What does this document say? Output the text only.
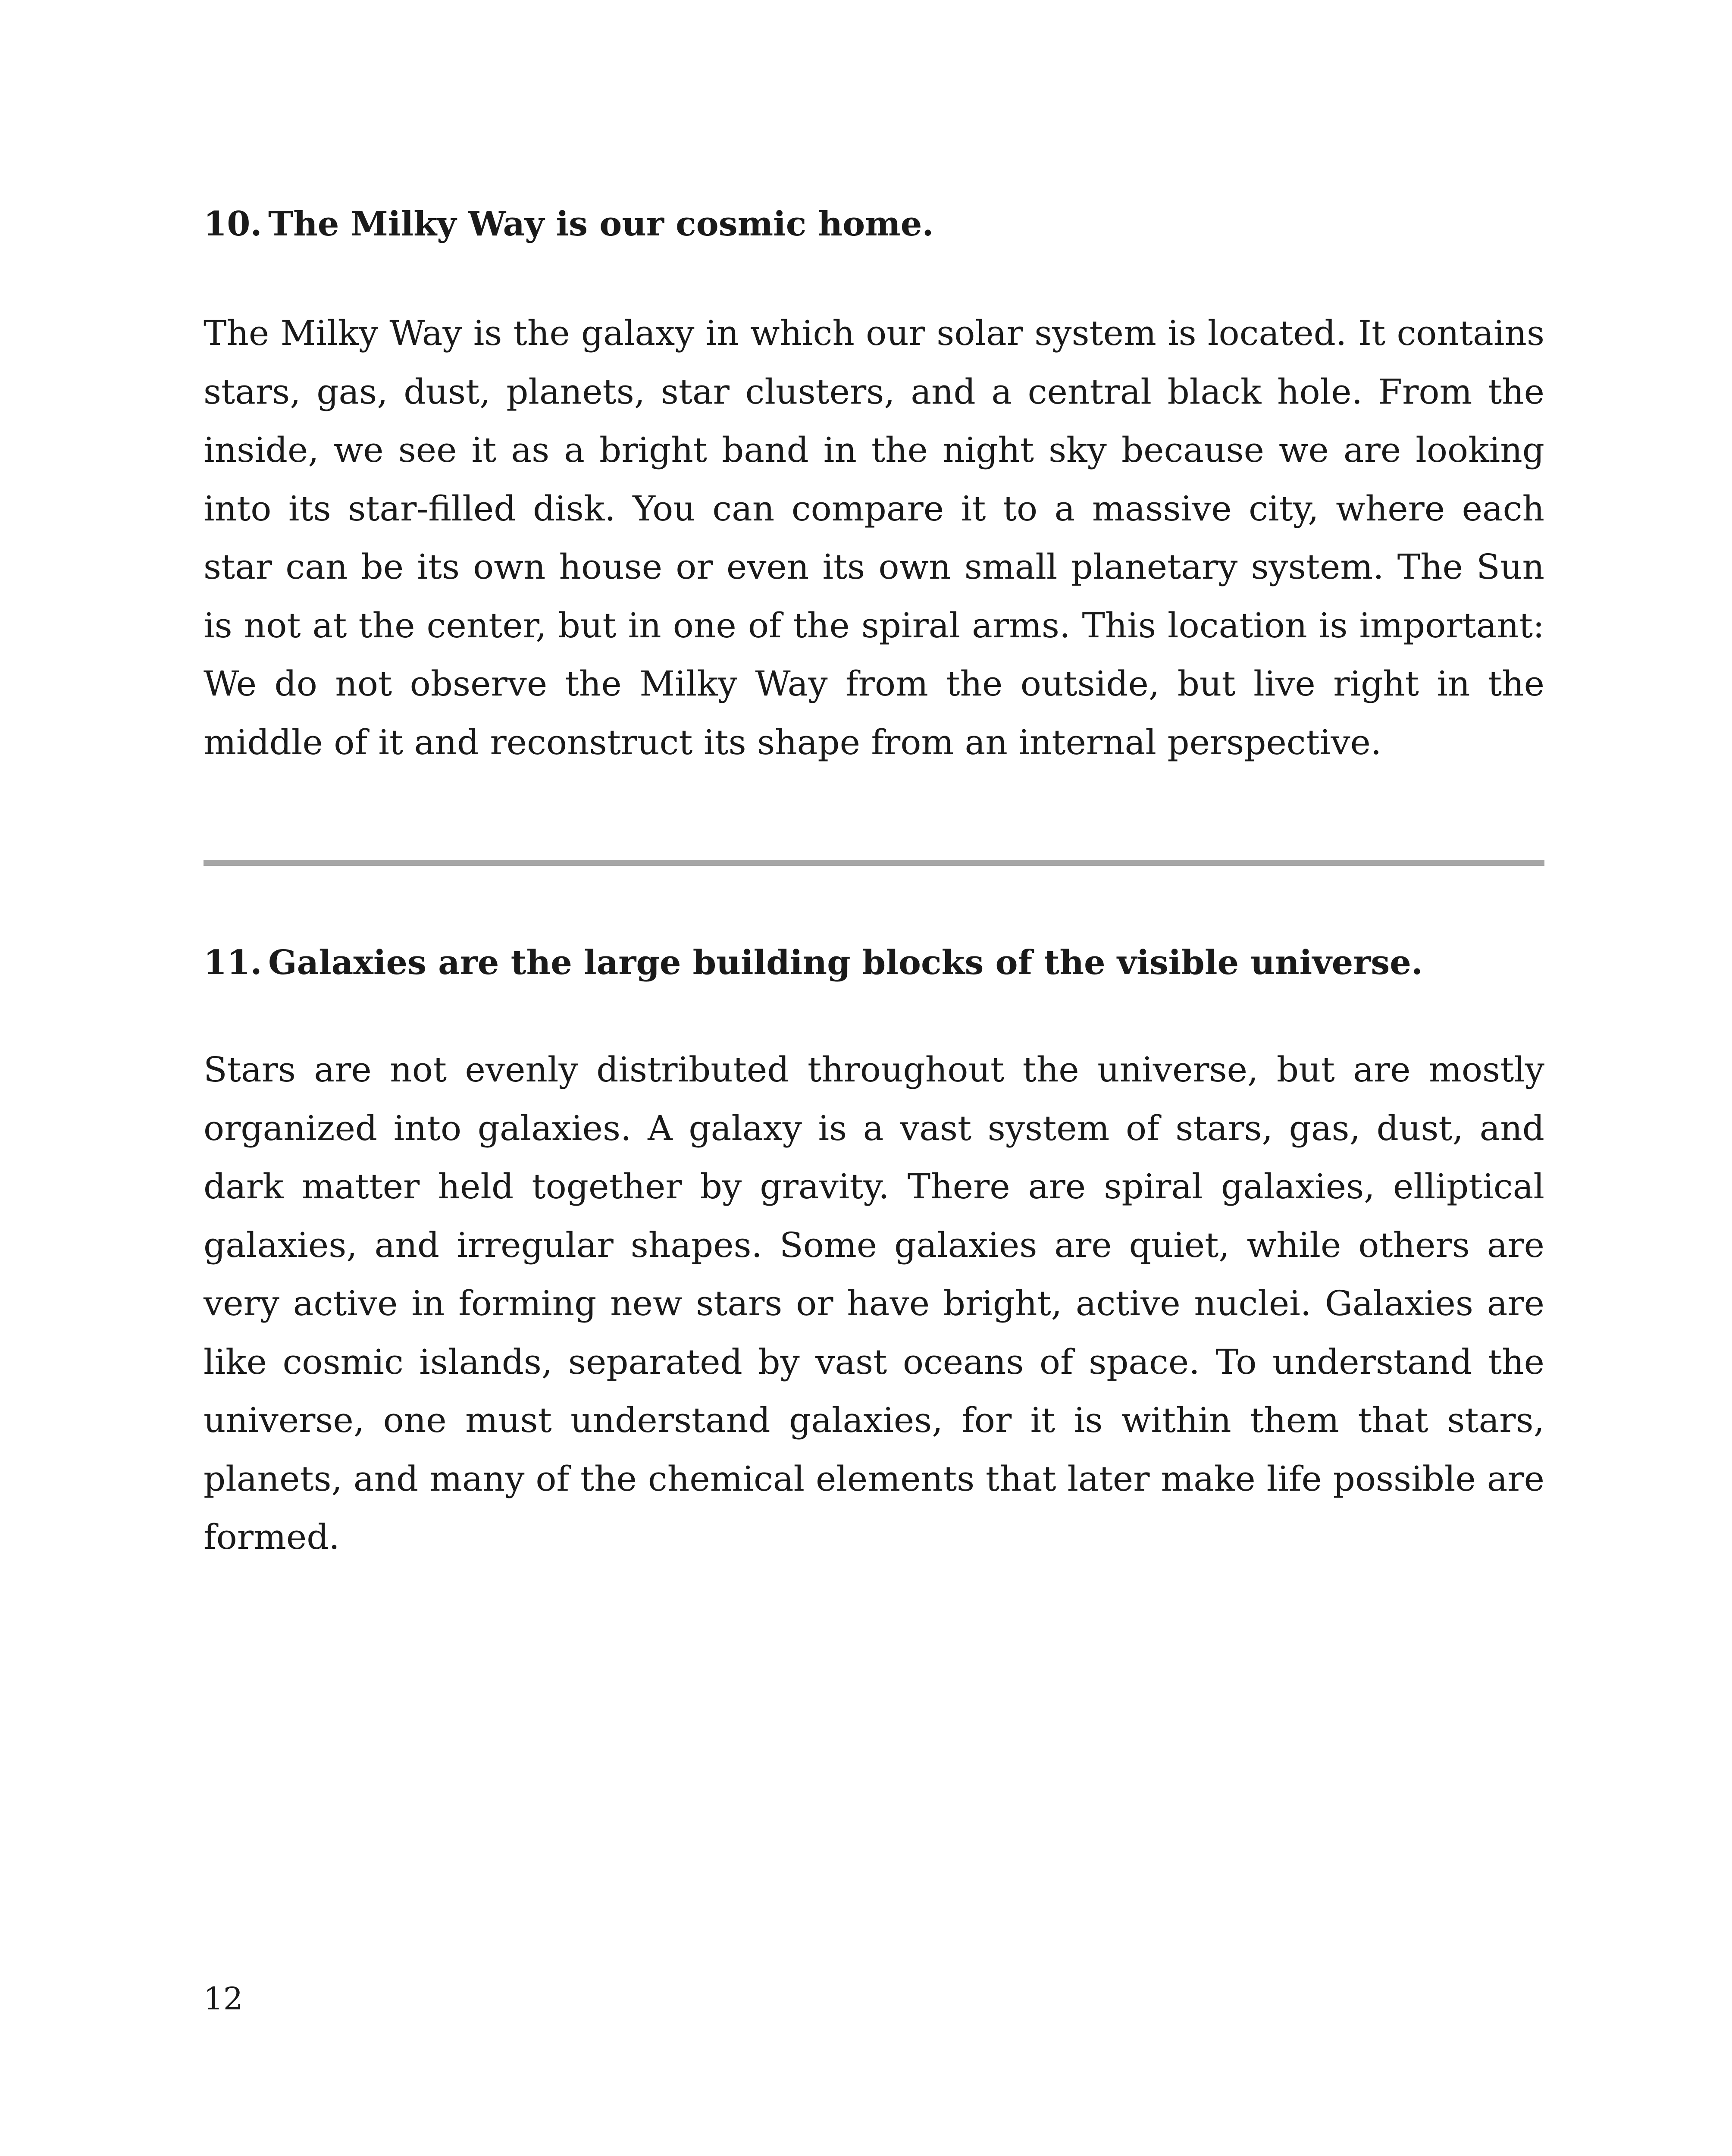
10. The Milky Way is our cosmic home.

The Milky Way is the galaxy in which our solar system is located. It contains stars, gas, dust, planets, star clusters, and a central black hole. From the inside, we see it as a bright band in the night sky because we are looking into its star-filled disk. You can compare it to a massive city, where each star can be its own house or even its own small planetary system. The Sun is not at the center, but in one of the spiral arms. This location is important: We do not observe the Milky Way from the outside, but live right in the middle of it and reconstruct its shape from an internal perspective.

11. Galaxies are the large building blocks of the visible universe.

Stars are not evenly distributed throughout the universe, but are mostly organized into galaxies. A galaxy is a vast system of stars, gas, dust, and dark matter held together by gravity. There are spiral galaxies, elliptical galaxies, and irregular shapes. Some galaxies are quiet, while others are very active in forming new stars or have bright, active nuclei. Galaxies are like cosmic islands, separated by vast oceans of space. To understand the universe, one must understand galaxies, for it is within them that stars, planets, and many of the chemical elements that later make life possible are formed.

12
